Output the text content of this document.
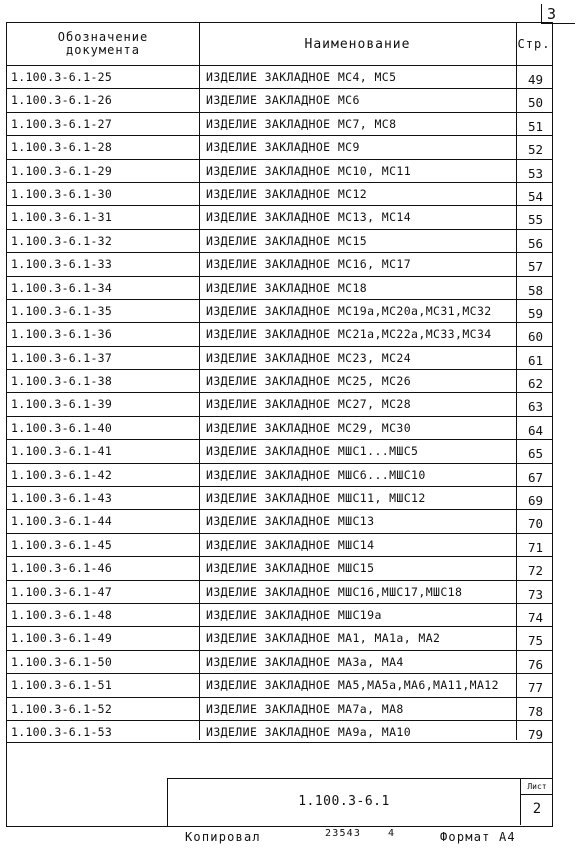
3
Обозначение
документа	Наименование	Стр.
1.100.3-6.1-25	ИЗДЕЛИЕ ЗАКЛАДНОЕ МС4, МС5	49
1.100.3-6.1-26	ИЗДЕЛИЕ ЗАКЛАДНОЕ МС6	50
1.100.3-6.1-27	ИЗДЕЛИЕ ЗАКЛАДНОЕ МС7, МС8	51
1.100.3-6.1-28	ИЗДЕЛИЕ ЗАКЛАДНОЕ МС9	52
1.100.3-6.1-29	ИЗДЕЛИЕ ЗАКЛАДНОЕ МС10, МС11	53
1.100.3-6.1-30	ИЗДЕЛИЕ ЗАКЛАДНОЕ МС12	54
1.100.3-6.1-31	ИЗДЕЛИЕ ЗАКЛАДНОЕ МС13, МС14	55
1.100.3-6.1-32	ИЗДЕЛИЕ ЗАКЛАДНОЕ МС15	56
1.100.3-6.1-33	ИЗДЕЛИЕ ЗАКЛАДНОЕ МС16, МС17	57
1.100.3-6.1-34	ИЗДЕЛИЕ ЗАКЛАДНОЕ МС18	58
1.100.3-6.1-35	ИЗДЕЛИЕ ЗАКЛАДНОЕ МС19а,МС20а,МС31,МС32	59
1.100.3-6.1-36	ИЗДЕЛИЕ ЗАКЛАДНОЕ МС21а,МС22а,МС33,МС34	60
1.100.3-6.1-37	ИЗДЕЛИЕ ЗАКЛАДНОЕ МС23, МС24	61
1.100.3-6.1-38	ИЗДЕЛИЕ ЗАКЛАДНОЕ МС25, МС26	62
1.100.3-6.1-39	ИЗДЕЛИЕ ЗАКЛАДНОЕ МС27, МС28	63
1.100.3-6.1-40	ИЗДЕЛИЕ ЗАКЛАДНОЕ МС29, МС30	64
1.100.3-6.1-41	ИЗДЕЛИЕ ЗАКЛАДНОЕ МШС1...МШС5	65
1.100.3-6.1-42	ИЗДЕЛИЕ ЗАКЛАДНОЕ МШС6...МШС10	67
1.100.3-6.1-43	ИЗДЕЛИЕ ЗАКЛАДНОЕ МШС11, МШС12	69
1.100.3-6.1-44	ИЗДЕЛИЕ ЗАКЛАДНОЕ МШС13	70
1.100.3-6.1-45	ИЗДЕЛИЕ ЗАКЛАДНОЕ МШС14	71
1.100.3-6.1-46	ИЗДЕЛИЕ ЗАКЛАДНОЕ МШС15	72
1.100.3-6.1-47	ИЗДЕЛИЕ ЗАКЛАДНОЕ МШС16,МШС17,МШС18	73
1.100.3-6.1-48	ИЗДЕЛИЕ ЗАКЛАДНОЕ МШС19а	74
1.100.3-6.1-49	ИЗДЕЛИЕ ЗАКЛАДНОЕ МА1, МА1а, МА2	75
1.100.3-6.1-50	ИЗДЕЛИЕ ЗАКЛАДНОЕ МА3а, МА4	76
1.100.3-6.1-51	ИЗДЕЛИЕ ЗАКЛАДНОЕ МА5,МА5а,МА6,МА11,МА12	77
1.100.3-6.1-52	ИЗДЕЛИЕ ЗАКЛАДНОЕ МА7а, МА8	78
1.100.3-6.1-53	ИЗДЕЛИЕ ЗАКЛАДНОЕ МА9а, МА10	79
1.100.3-6.1
Лист
2
Копировал	23543	4	Формат А4
